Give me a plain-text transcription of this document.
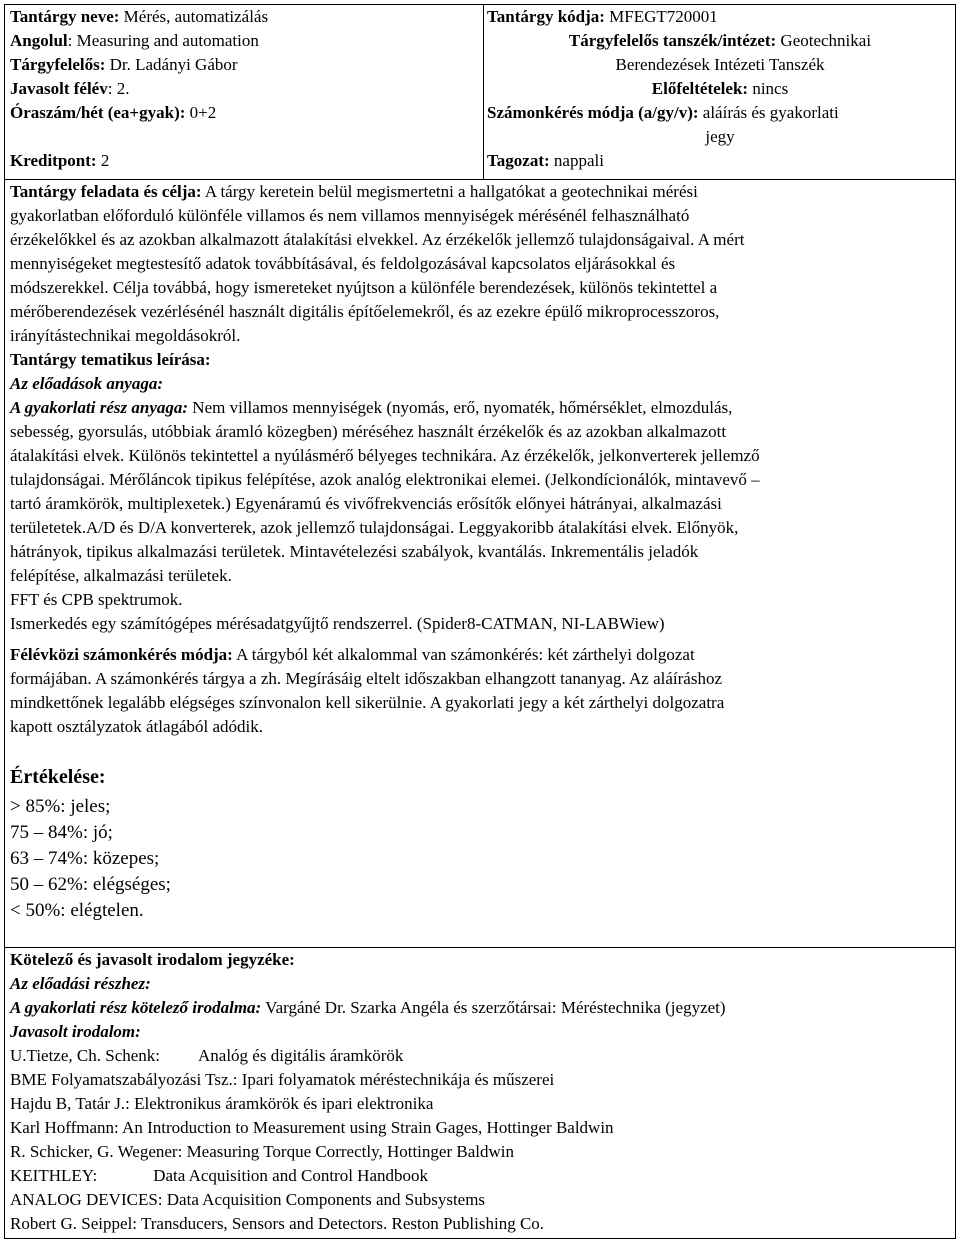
Tantárgy neve: Mérés, automatizálás
Angolul: Measuring and automation
Tárgyfelelős: Dr. Ladányi Gábor
Javasolt félév: 2.
Óraszám/hét (ea+gyak): 0+2
Kreditpont: 2
Tantárgy kódja: MFEGT720001
Tárgyfelelős tanszék/intézet: Geotechnikai
Berendezések Intézeti Tanszék
Előfeltételek: nincs
Számonkérés módja (a/gy/v): aláírás és gyakorlati
jegy
Tagozat: nappali
Tantárgy feladata és célja: A tárgy keretein belül megismertetni a hallgatókat a geotechnikai mérési
gyakorlatban előforduló különféle villamos és nem villamos mennyiségek mérésénél felhasználható
érzékelőkkel és az azokban alkalmazott átalakítási elvekkel. Az érzékelők jellemző tulajdonságaival. A mért
mennyiségeket megtestesítő adatok továbbításával, és feldolgozásával kapcsolatos eljárásokkal és
módszerekkel. Célja továbbá, hogy ismereteket nyújtson a különféle berendezések, különös tekintettel a
mérőberendezések vezérlésénél használt digitális építőelemekről, és az ezekre épülő mikroprocesszoros,
irányítástechnikai megoldásokról.
Tantárgy tematikus leírása:
Az előadások anyaga:
A gyakorlati rész anyaga: Nem villamos mennyiségek (nyomás, erő, nyomaték, hőmérséklet, elmozdulás,
sebesség, gyorsulás, utóbbiak áramló közegben) méréséhez használt érzékelők és az azokban alkalmazott
átalakítási elvek. Különös tekintettel a nyúlásmérő bélyeges technikára. Az érzékelők, jelkonverterek jellemző
tulajdonságai. Mérőláncok tipikus felépítése, azok analóg elektronikai elemei. (Jelkondícionálók, mintavevő –
tartó áramkörök, multiplexetek.) Egyenáramú és vivőfrekvenciás erősítők előnyei hátrányai, alkalmazási
területetek.A/D és D/A konverterek, azok jellemző tulajdonságai. Leggyakoribb átalakítási elvek. Előnyök,
hátrányok, tipikus alkalmazási területek. Mintavételezési szabályok, kvantálás. Inkrementális jeladók
felépítése, alkalmazási területek.
FFT és CPB spektrumok.
Ismerkedés egy számítógépes mérésadatgyűjtő rendszerrel. (Spider8-CATMAN, NI-LABWiew)
Félévközi számonkérés módja: A tárgyból két alkalommal van számonkérés: két zárthelyi dolgozat
formájában. A számonkérés tárgya a zh. Megírásáig eltelt időszakban elhangzott tananyag. Az aláíráshoz
mindkettőnek legalább elégséges színvonalon kell sikerülnie. A gyakorlati jegy a két zárthelyi dolgozatra
kapott osztályzatok átlagából adódik.
Értékelése:
> 85%: jeles;
75 – 84%: jó;
63 – 74%: közepes;
50 – 62%: elégséges;
< 50%: elégtelen.
Kötelező és javasolt irodalom jegyzéke:
Az előadási részhez:
A gyakorlati rész kötelező irodalma: Vargáné Dr. Szarka Angéla és szerzőtársai: Méréstechnika (jegyzet)
Javasolt irodalom:
U.Tietze, Ch. Schenk: Analóg és digitális áramkörök
BME Folyamatszabályozási Tsz.: Ipari folyamatok méréstechnikája és műszerei
Hajdu B, Tatár J.: Elektronikus áramkörök és ipari elektronika
Karl Hoffmann: An Introduction to Measurement using Strain Gages, Hottinger Baldwin
R. Schicker, G. Wegener: Measuring Torque Correctly, Hottinger Baldwin
KEITHLEY:	Data Acquisition and Control Handbook
ANALOG DEVICES: Data Acquisition Components and Subsystems
Robert G. Seippel: Transducers, Sensors and Detectors. Reston Publishing Co.
